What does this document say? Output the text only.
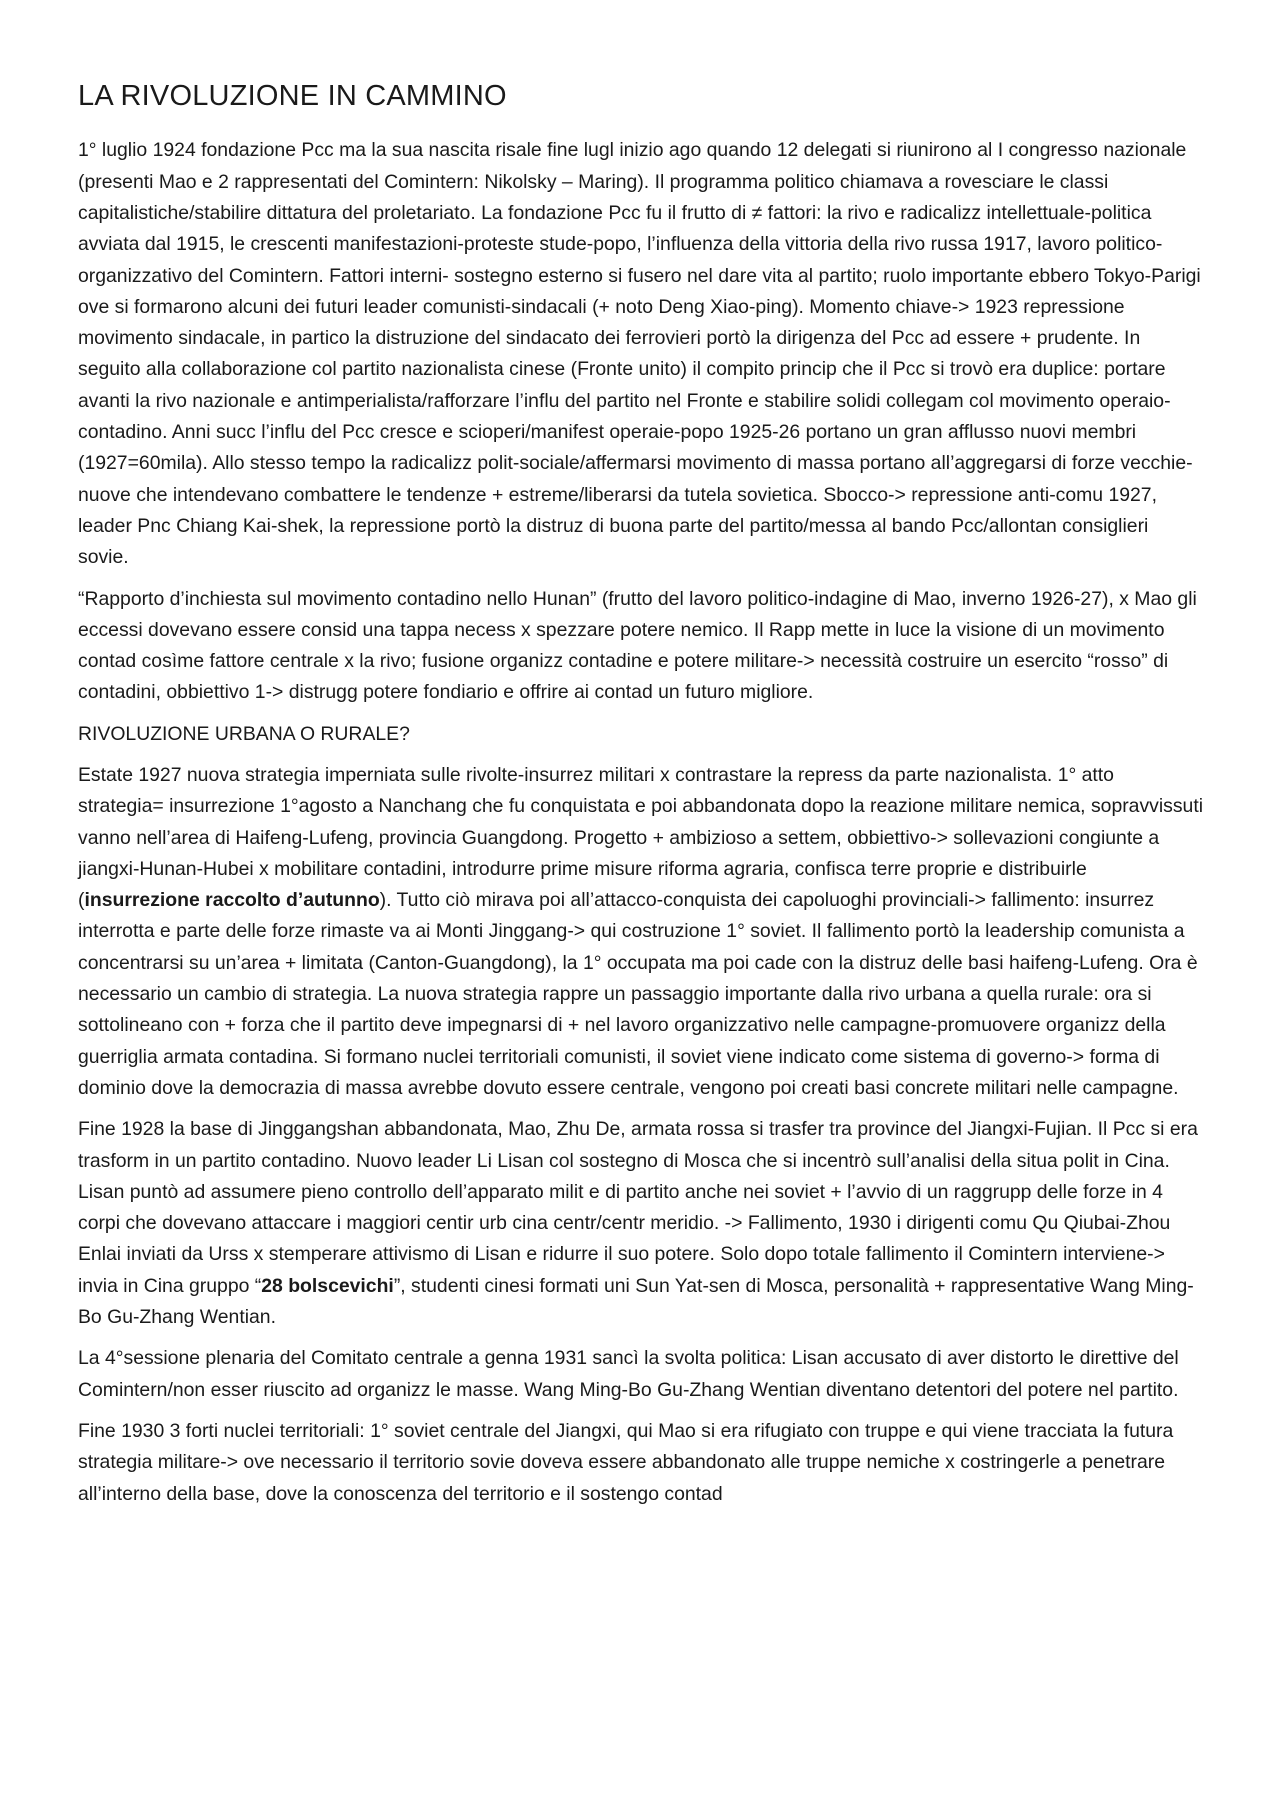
LA RIVOLUZIONE IN CAMMINO

1° luglio 1924 fondazione Pcc ma la sua nascita risale fine lugl inizio ago quando 12 delegati si riunirono al I congresso nazionale (presenti Mao e 2 rappresentati del Comintern: Nikolsky – Maring). Il programma politico chiamava a rovesciare le classi capitalistiche/stabilire dittatura del proletariato. La fondazione Pcc fu il frutto di ≠ fattori: la rivo e radicalizz intellettuale-politica avviata dal 1915, le crescenti manifestazioni-proteste stude-popo, l’influenza della vittoria della rivo russa 1917, lavoro politico-organizzativo del Comintern. Fattori interni- sostegno esterno si fusero nel dare vita al partito; ruolo importante ebbero Tokyo-Parigi ove si formarono alcuni dei futuri leader comunisti-sindacali (+ noto Deng Xiao-ping). Momento chiave-> 1923 repressione movimento sindacale, in partico la distruzione del sindacato dei ferrovieri portò la dirigenza del Pcc ad essere + prudente. In seguito alla collaborazione col partito nazionalista cinese (Fronte unito) il compito princip che il Pcc si trovò era duplice: portare avanti la rivo nazionale e antimperialista/rafforzare l’influ del partito nel Fronte e stabilire solidi collegam col movimento operaio-contadino. Anni succ l’influ del Pcc cresce e scioperi/manifest operaie-popo 1925-26 portano un gran afflusso nuovi membri (1927=60mila). Allo stesso tempo la radicalizz polit-sociale/affermarsi movimento di massa portano all’aggregarsi di forze vecchie-nuove che intendevano combattere le tendenze + estreme/liberarsi da tutela sovietica. Sbocco-> repressione anti-comu 1927, leader Pnc Chiang Kai-shek, la repressione portò la distruz di buona parte del partito/messa al bando Pcc/allontan consiglieri sovie.

“Rapporto d’inchiesta sul movimento contadino nello Hunan” (frutto del lavoro politico-indagine di Mao, inverno 1926-27), x Mao gli eccessi dovevano essere consid una tappa necess x spezzare potere nemico. Il Rapp mette in luce la visione di un movimento contad cosìme fattore centrale x la rivo; fusione organizz contadine e potere militare-> necessità costruire un esercito “rosso” di contadini, obbiettivo 1-> distrugg potere fondiario e offrire ai contad un futuro migliore.

RIVOLUZIONE URBANA O RURALE?

Estate 1927 nuova strategia imperniata sulle rivolte-insurrez militari x contrastare la repress da parte nazionalista. 1° atto strategia= insurrezione 1°agosto a Nanchang che fu conquistata e poi abbandonata dopo la reazione militare nemica, sopravvissuti vanno nell’area di Haifeng-Lufeng, provincia Guangdong. Progetto + ambizioso a settem, obbiettivo-> sollevazioni congiunte a jiangxi-Hunan-Hubei x mobilitare contadini, introdurre prime misure riforma agraria, confisca terre proprie e distribuirle (insurrezione raccolto d’autunno). Tutto ciò mirava poi all’attacco-conquista dei capoluoghi provinciali-> fallimento: insurrez interrotta e parte delle forze rimaste va ai Monti Jinggang-> qui costruzione 1° soviet. Il fallimento portò la leadership comunista a concentrarsi su un’area + limitata (Canton-Guangdong), la 1° occupata ma poi cade con la distruz delle basi haifeng-Lufeng. Ora è necessario un cambio di strategia. La nuova strategia rappre un passaggio importante dalla rivo urbana a quella rurale: ora si sottolineano con + forza che il partito deve impegnarsi di + nel lavoro organizzativo nelle campagne-promuovere organizz della guerriglia armata contadina. Si formano nuclei territoriali comunisti, il soviet viene indicato come sistema di governo-> forma di dominio dove la democrazia di massa avrebbe dovuto essere centrale, vengono poi creati basi concrete militari nelle campagne.

Fine 1928 la base di Jinggangshan abbandonata, Mao, Zhu De, armata rossa si trasfer tra province del Jiangxi-Fujian. Il Pcc si era trasform in un partito contadino. Nuovo leader Li Lisan col sostegno di Mosca che si incentrò sull’analisi della situa polit in Cina. Lisan puntò ad assumere pieno controllo dell’apparato milit e di partito anche nei soviet + l’avvio di un raggrupp delle forze in 4 corpi che dovevano attaccare i maggiori centir urb cina centr/centr meridio. -> Fallimento, 1930 i dirigenti comu Qu Qiubai-Zhou Enlai inviati da Urss x stemperare attivismo di Lisan e ridurre il suo potere. Solo dopo totale fallimento il Comintern interviene-> invia in Cina gruppo “28 bolscevichi”, studenti cinesi formati uni Sun Yat-sen di Mosca, personalità + rappresentative Wang Ming-Bo Gu-Zhang Wentian.

La 4°sessione plenaria del Comitato centrale a genna 1931 sancì la svolta politica: Lisan accusato di aver distorto le direttive del Comintern/non esser riuscito ad organizz le masse. Wang Ming-Bo Gu-Zhang Wentian diventano detentori del potere nel partito.

Fine 1930 3 forti nuclei territoriali: 1° soviet centrale del Jiangxi, qui Mao si era rifugiato con truppe e qui viene tracciata la futura strategia militare-> ove necessario il territorio sovie doveva essere abbandonato alle truppe nemiche x costringerle a penetrare all’interno della base, dove la conoscenza del territorio e il sostengo contad
